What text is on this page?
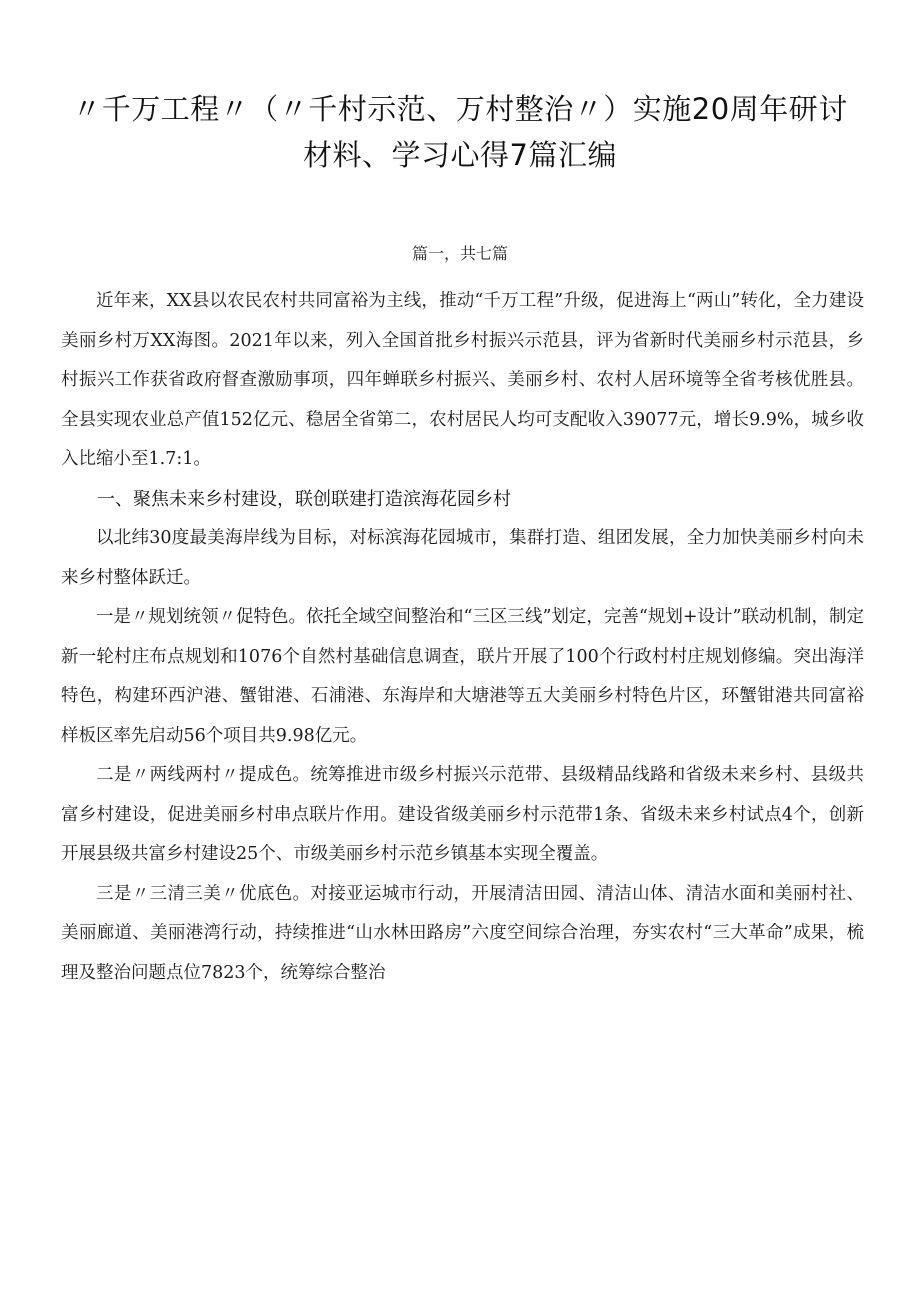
〃千万工程〃（〃千村示范、万村整治〃）实施20周年研讨材料、学习心得7篇汇编
篇一，共七篇

近年来，XX县以农民农村共同富裕为主线，推动“千万工程”升级，促进海上“两山”转化，全力建设美丽乡村万XX海图。2021年以来，列入全国首批乡村振兴示范县，评为省新时代美丽乡村示范县，乡村振兴工作获省政府督查激励事项，四年蝉联乡村振兴、美丽乡村、农村人居环境等全省考核优胜县。全县实现农业总产值152亿元、稳居全省第二，农村居民人均可支配收入39077元，增长9.9%，城乡收入比缩小至1.7:1。

一、聚焦未来乡村建设，联创联建打造滨海花园乡村

以北纬30度最美海岸线为目标，对标滨海花园城市，集群打造、组团发展，全力加快美丽乡村向未来乡村整体跃迁。

一是〃规划统领〃促特色。依托全域空间整治和“三区三线”划定，完善“规划+设计”联动机制，制定新一轮村庄布点规划和1076个自然村基础信息调查，联片开展了100个行政村村庄规划修编。突出海洋特色，构建环西沪港、蟹钳港、石浦港、东海岸和大塘港等五大美丽乡村特色片区，环蟹钳港共同富裕样板区率先启动56个项目共9.98亿元。

二是〃两线两村〃提成色。统筹推进市级乡村振兴示范带、县级精品线路和省级未来乡村、县级共富乡村建设，促进美丽乡村串点联片作用。建设省级美丽乡村示范带1条、省级未来乡村试点4个，创新开展县级共富乡村建设25个、市级美丽乡村示范乡镇基本实现全覆盖。

三是〃三清三美〃优底色。对接亚运城市行动，开展清洁田园、清洁山体、清洁水面和美丽村社、美丽廊道、美丽港湾行动，持续推进“山水林田路房”六度空间综合治理，夯实农村“三大革命”成果，梳理及整治问题点位7823个，统筹综合整治
